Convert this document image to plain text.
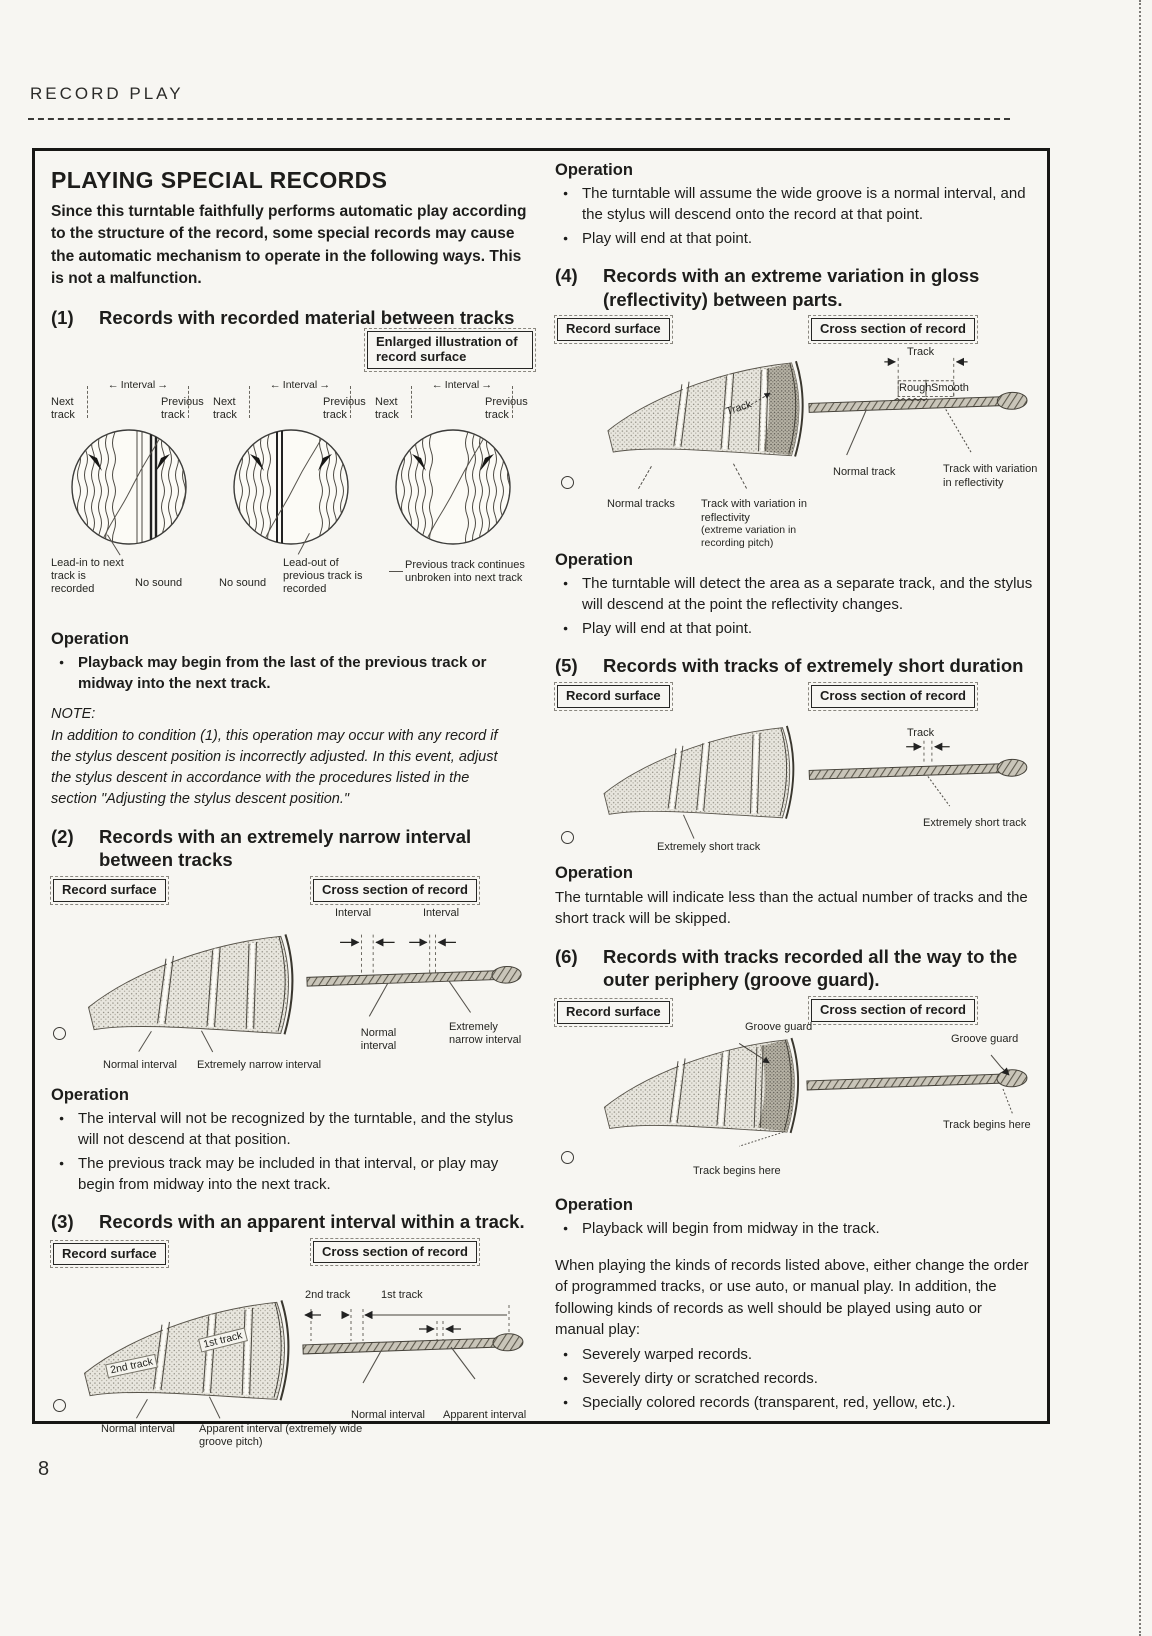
RECORD PLAY
8
PLAYING SPECIAL RECORDS

Since this turntable faithfully performs automatic play according to the structure of the record, some special records may cause the automatic mechanism to operate in the following ways. This is not a malfunction.

(1)	Records with recorded material between tracks
Enlarged illustration of record surface
← Interval →
Next track
Previous track
Lead-in to next track is recorded
No sound
← Interval →
Next track
Previous track
No sound
Lead-out of previous track is recorded
← Interval →
Next track
Previous track
Previous track continues unbroken into next track
Operation
● Playback may begin from the last of the previous track or midway into the next track.
NOTE:
In addition to condition (1), this operation may occur with any record if the stylus descent position is incorrectly adjusted. In this event, adjust the stylus descent in accordance with the procedures listed in the section "Adjusting the stylus descent position."
(2)	Records with an extremely narrow interval between tracks
Record surface	Cross section of record
Normal interval	Extremely narrow interval
Interval	Interval
Normal interval
Extremely narrow interval
Operation
● The interval will not be recognized by the turntable, and the stylus will not descend at that position.
● The previous track may be included in that interval, or play may begin from midway into the next track.
(3)	Records with an apparent interval within a track.
Record surface	Cross section of record
2nd track
1st track
Normal interval	Apparent interval (extremely wide groove pitch)
2nd track	1st track
Normal interval Apparent interval
Operation
● The turntable will assume the wide groove is a normal interval, and the stylus will descend onto the record at that point.
● Play will end at that point.
(4)	Records with an extreme variation in gloss (reflectivity) between parts.
Record surface	Cross section of record
Track
Normal tracks	Track with variation in reflectivity
(extreme variation in recording pitch)
Track
Rough Smooth
Normal track	Track with variation in reflectivity
Operation
● The turntable will detect the area as a separate track, and the stylus will descend at the point the reflectivity changes.
● Play will end at that point.
(5)	Records with tracks of extremely short duration
Record surface	Cross section of record
Extremely short track
Track
Extremely short track
Operation

The turntable will indicate less than the actual number of tracks and the short track will be skipped.

(6)	Records with tracks recorded all the way to the outer periphery (groove guard).
Record surface	Cross section of record
Groove guard
Track begins here
Groove guard
Track begins here
Operation
● Playback will begin from midway in the track.

When playing the kinds of records listed above, either change the order of programmed tracks, or use auto, or manual play. In addition, the following kinds of records as well should be played using auto or manual play:

● Severely warped records.
● Severely dirty or scratched records.
● Specially colored records (transparent, red, yellow, etc.).
